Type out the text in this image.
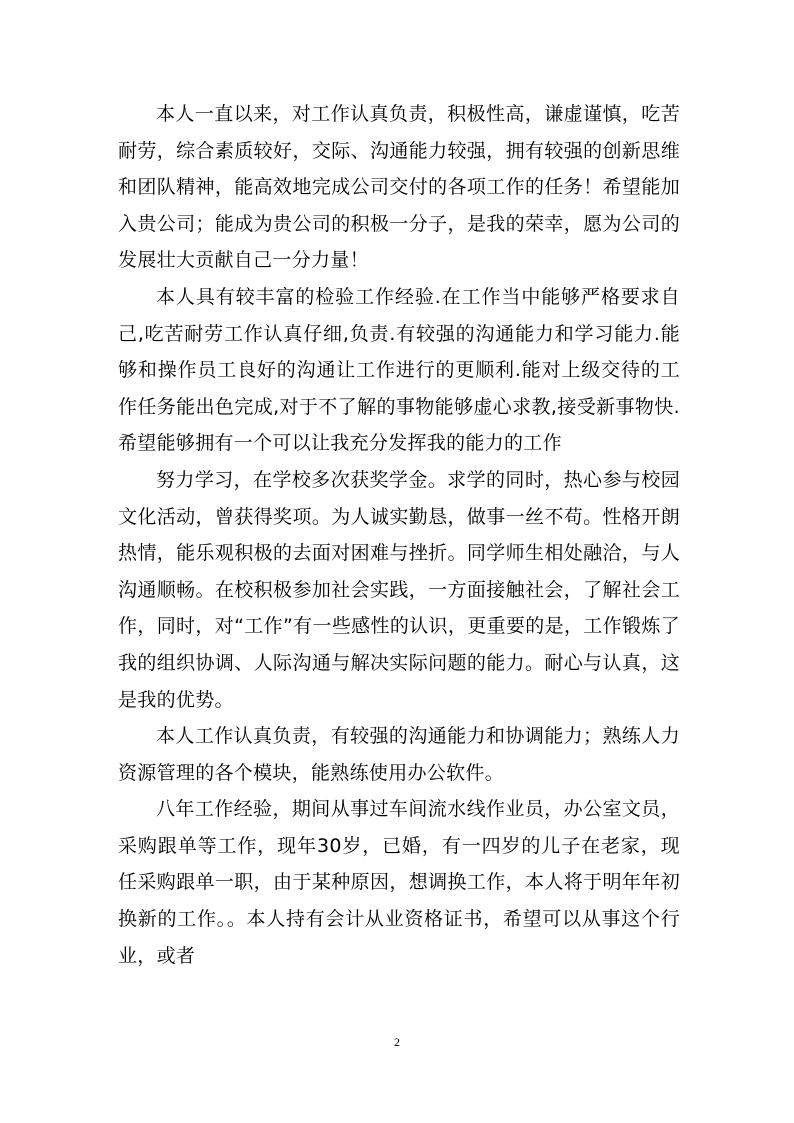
本人一直以来，对工作认真负责，积极性高，谦虚谨慎，吃苦耐劳，综合素质较好，交际、沟通能力较强，拥有较强的创新思维和团队精神，能高效地完成公司交付的各项工作的任务！希望能加入贵公司；能成为贵公司的积极一分子，是我的荣幸，愿为公司的发展壮大贡献自己一分力量！

本人具有较丰富的检验工作经验.在工作当中能够严格要求自己,吃苦耐劳工作认真仔细,负责.有较强的沟通能力和学习能力.能够和操作员工良好的沟通让工作进行的更顺利.能对上级交待的工作任务能出色完成,对于不了解的事物能够虚心求教,接受新事物快.希望能够拥有一个可以让我充分发挥我的能力的工作

努力学习，在学校多次获奖学金。求学的同时，热心参与校园文化活动，曾获得奖项。为人诚实勤恳，做事一丝不苟。性格开朗热情，能乐观积极的去面对困难与挫折。同学师生相处融洽，与人沟通顺畅。在校积极参加社会实践，一方面接触社会，了解社会工作，同时，对“工作”有一些感性的认识，更重要的是，工作锻炼了我的组织协调、人际沟通与解决实际问题的能力。耐心与认真，这是我的优势。

本人工作认真负责，有较强的沟通能力和协调能力；熟练人力资源管理的各个模块，能熟练使用办公软件。

八年工作经验，期间从事过车间流水线作业员，办公室文员，采购跟单等工作，现年30岁，已婚，有一四岁的儿子在老家，现任采购跟单一职，由于某种原因，想调换工作，本人将于明年年初换新的工作。。本人持有会计从业资格证书，希望可以从事这个行业，或者

2
